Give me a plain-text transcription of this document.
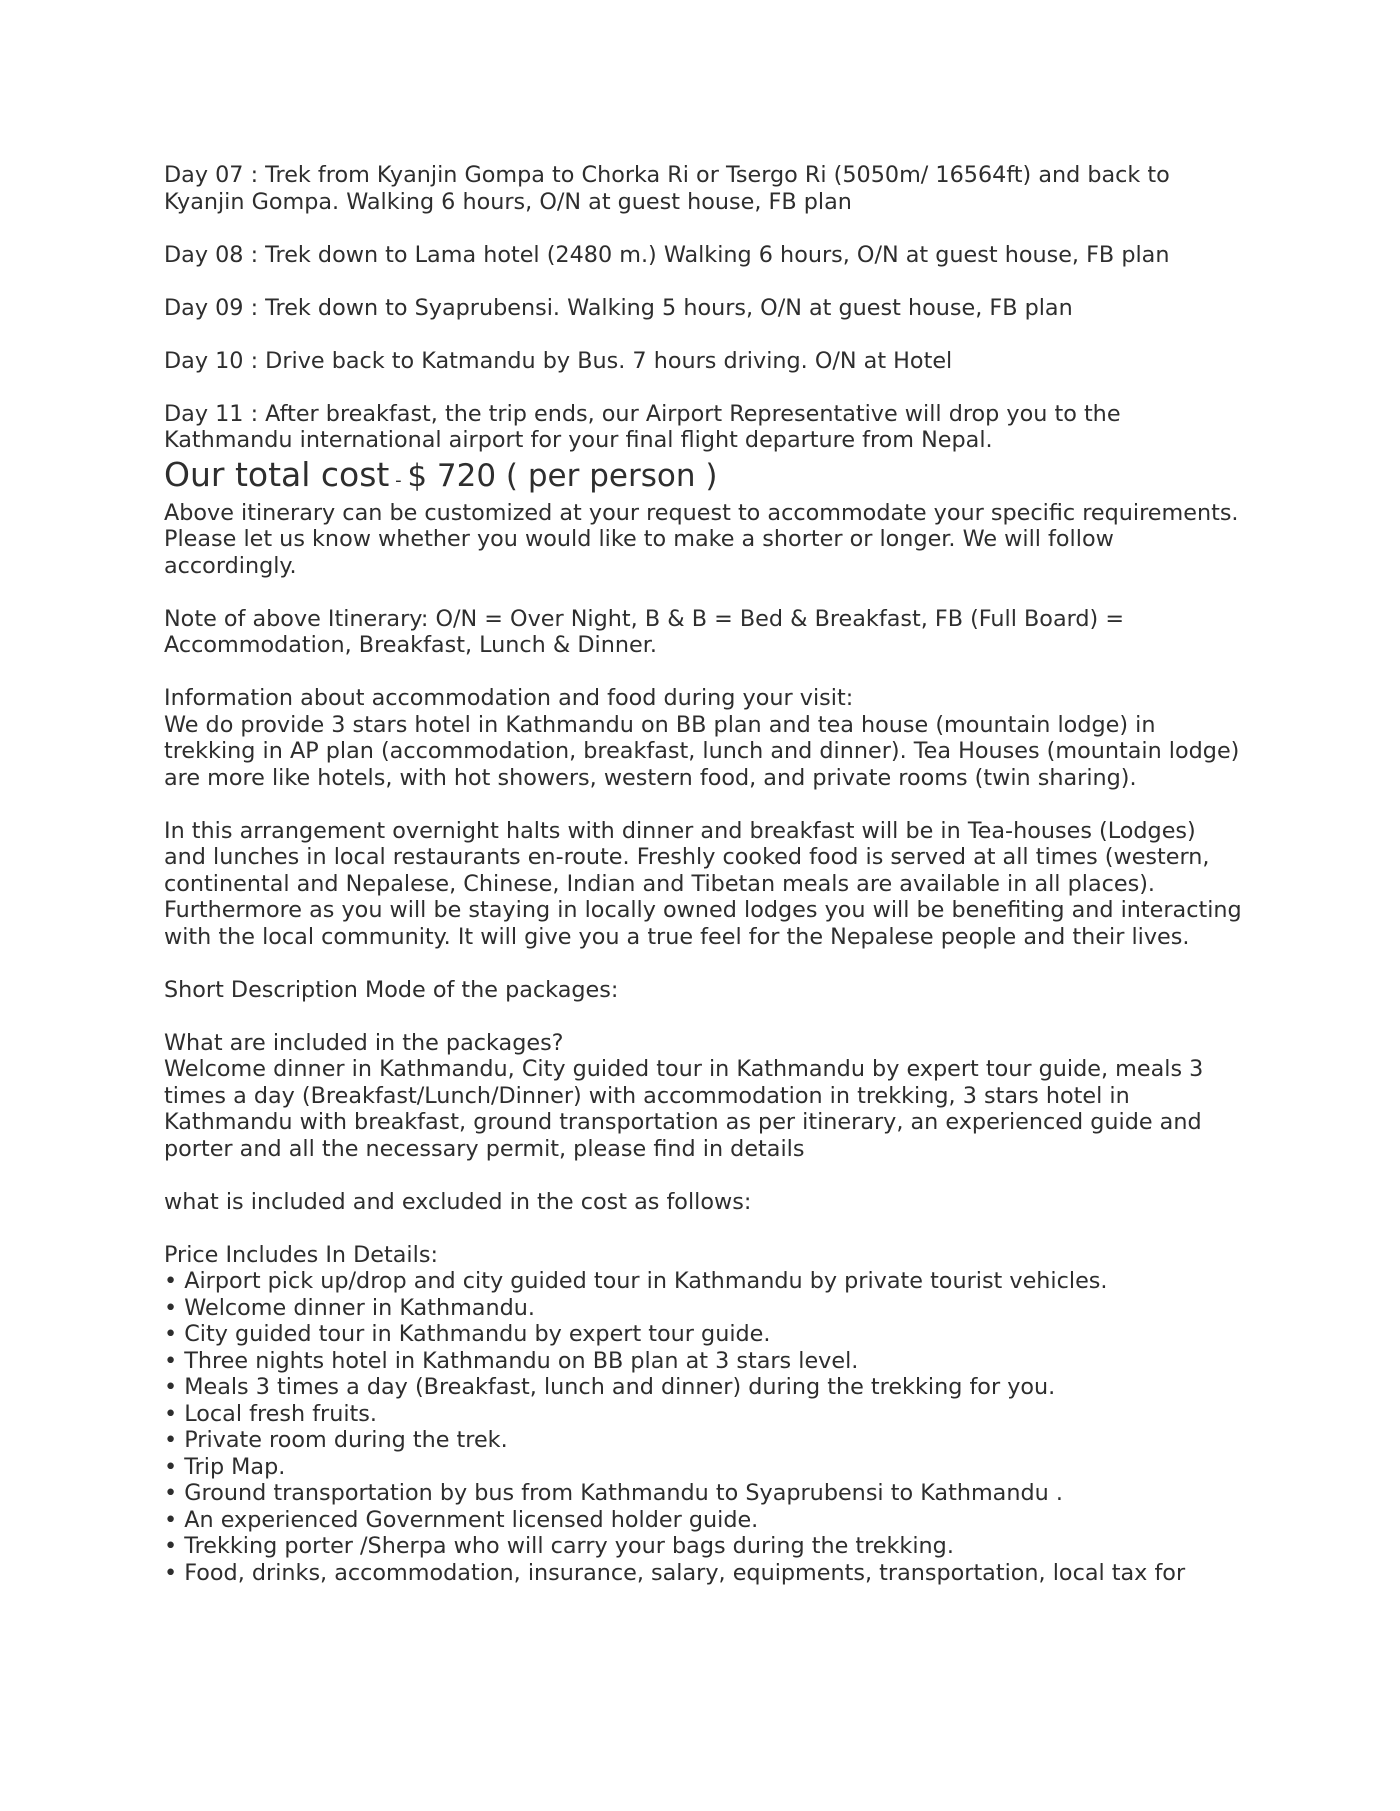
Day 07 : Trek from Kyanjin Gompa to Chorka Ri or Tsergo Ri (5050m/ 16564ft) and back to Kyanjin Gompa. Walking 6 hours, O/N at guest house, FB plan

Day 08 : Trek down to Lama hotel (2480 m.) Walking 6 hours, O/N at guest house, FB plan

Day 09 : Trek down to Syaprubensi. Walking 5 hours, O/N at guest house, FB plan

Day 10 : Drive back to Katmandu by Bus. 7 hours driving. O/N at Hotel

Day 11 : After breakfast, the trip ends, our Airport Representative will drop you to the Kathmandu international airport for your final flight departure from Nepal.

Our total cost - $ 720 ( per person )

Above itinerary can be customized at your request to accommodate your specific requirements. Please let us know whether you would like to make a shorter or longer. We will follow accordingly.

Note of above Itinerary: O/N = Over Night, B & B = Bed & Breakfast, FB (Full Board) = Accommodation, Breakfast, Lunch & Dinner.

Information about accommodation and food during your visit:

We do provide 3 stars hotel in Kathmandu on BB plan and tea house (mountain lodge) in trekking in AP plan (accommodation, breakfast, lunch and dinner). Tea Houses (mountain lodge) are more like hotels, with hot showers, western food, and private rooms (twin sharing).

In this arrangement overnight halts with dinner and breakfast will be in Tea-houses (Lodges) and lunches in local restaurants en-route. Freshly cooked food is served at all times (western, continental and Nepalese, Chinese, Indian and Tibetan meals are available in all places). Furthermore as you will be staying in locally owned lodges you will be benefiting and interacting with the local community. It will give you a true feel for the Nepalese people and their lives.

Short Description Mode of the packages:

What are included in the packages?

Welcome dinner in Kathmandu, City guided tour in Kathmandu by expert tour guide, meals 3 times a day (Breakfast/Lunch/Dinner) with accommodation in trekking, 3 stars hotel in Kathmandu with breakfast, ground transportation as per itinerary, an experienced guide and porter and all the necessary permit, please find in details

what is included and excluded in the cost as follows:

Price Includes In Details:

• Airport pick up/drop and city guided tour in Kathmandu by private tourist vehicles.
• Welcome dinner in Kathmandu.
• City guided tour in Kathmandu by expert tour guide.
• Three nights hotel in Kathmandu on BB plan at 3 stars level.
• Meals 3 times a day (Breakfast, lunch and dinner) during the trekking for you.
• Local fresh fruits.
• Private room during the trek.
• Trip Map.
• Ground transportation by bus from Kathmandu to Syaprubensi to Kathmandu .
• An experienced Government licensed holder guide.
• Trekking porter /Sherpa who will carry your bags during the trekking.
• Food, drinks, accommodation, insurance, salary, equipments, transportation, local tax for
